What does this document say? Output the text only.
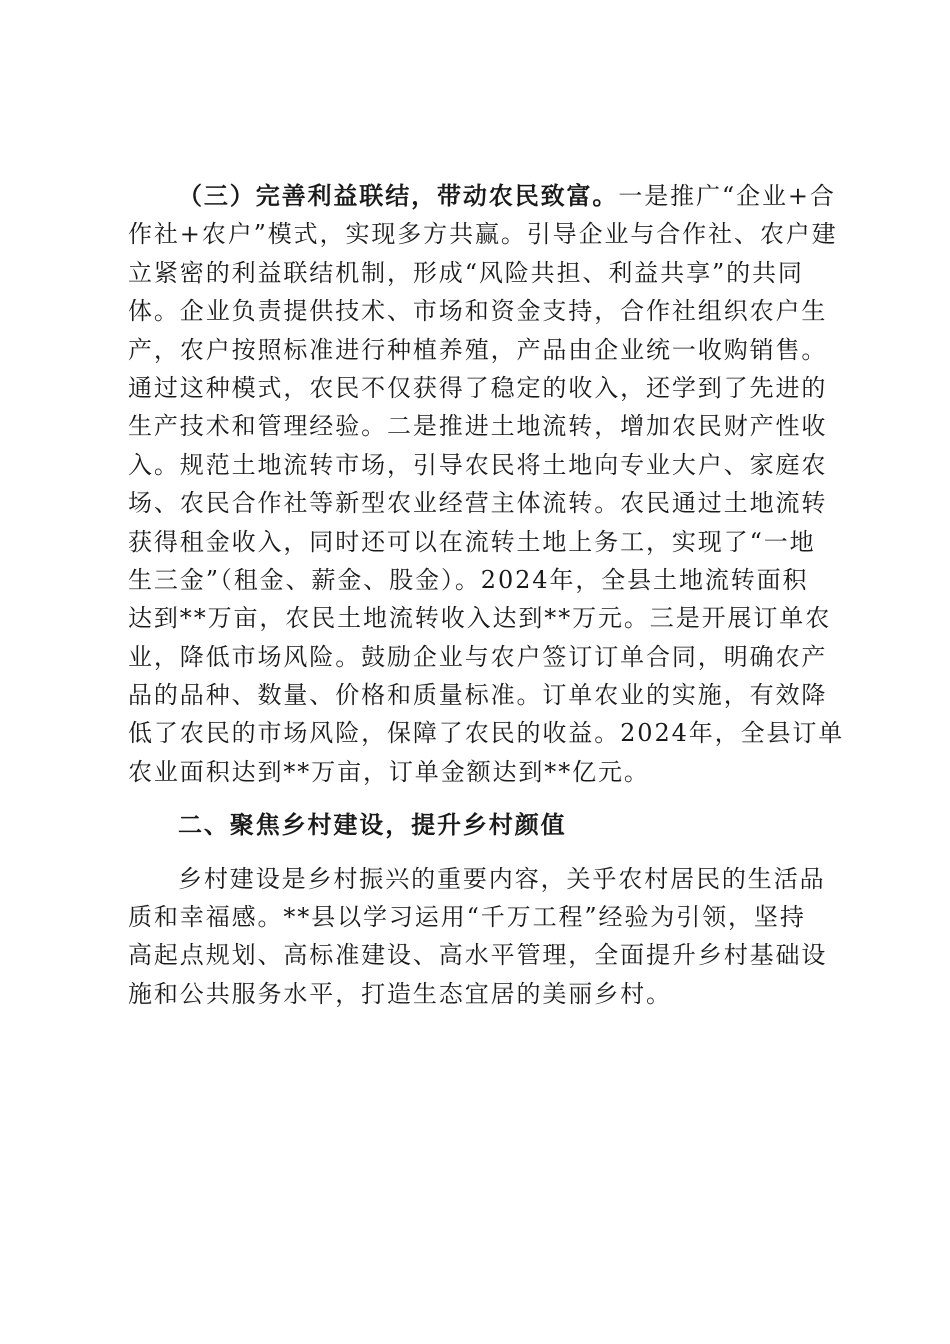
（三）完善利益联结，带动农民致富。一是推广“企业+合
作社+农户”模式，实现多方共赢。引导企业与合作社、农户建
立紧密的利益联结机制，形成“风险共担、利益共享”的共同
体。企业负责提供技术、市场和资金支持，合作社组织农户生
产，农户按照标准进行种植养殖，产品由企业统一收购销售。
通过这种模式，农民不仅获得了稳定的收入，还学到了先进的
生产技术和管理经验。二是推进土地流转，增加农民财产性收
入。规范土地流转市场，引导农民将土地向专业大户、家庭农
场、农民合作社等新型农业经营主体流转。农民通过土地流转
获得租金收入，同时还可以在流转土地上务工，实现了“一地
生三金”（租金、薪金、股金）。2024年，全县土地流转面积
达到**万亩，农民土地流转收入达到**万元。三是开展订单农
业，降低市场风险。鼓励企业与农户签订订单合同，明确农产
品的品种、数量、价格和质量标准。订单农业的实施，有效降
低了农民的市场风险，保障了农民的收益。2024年，全县订单
农业面积达到**万亩，订单金额达到**亿元。
二、聚焦乡村建设，提升乡村颜值
乡村建设是乡村振兴的重要内容，关乎农村居民的生活品
质和幸福感。**县以学习运用“千万工程”经验为引领，坚持
高起点规划、高标准建设、高水平管理，全面提升乡村基础设
施和公共服务水平，打造生态宜居的美丽乡村。
